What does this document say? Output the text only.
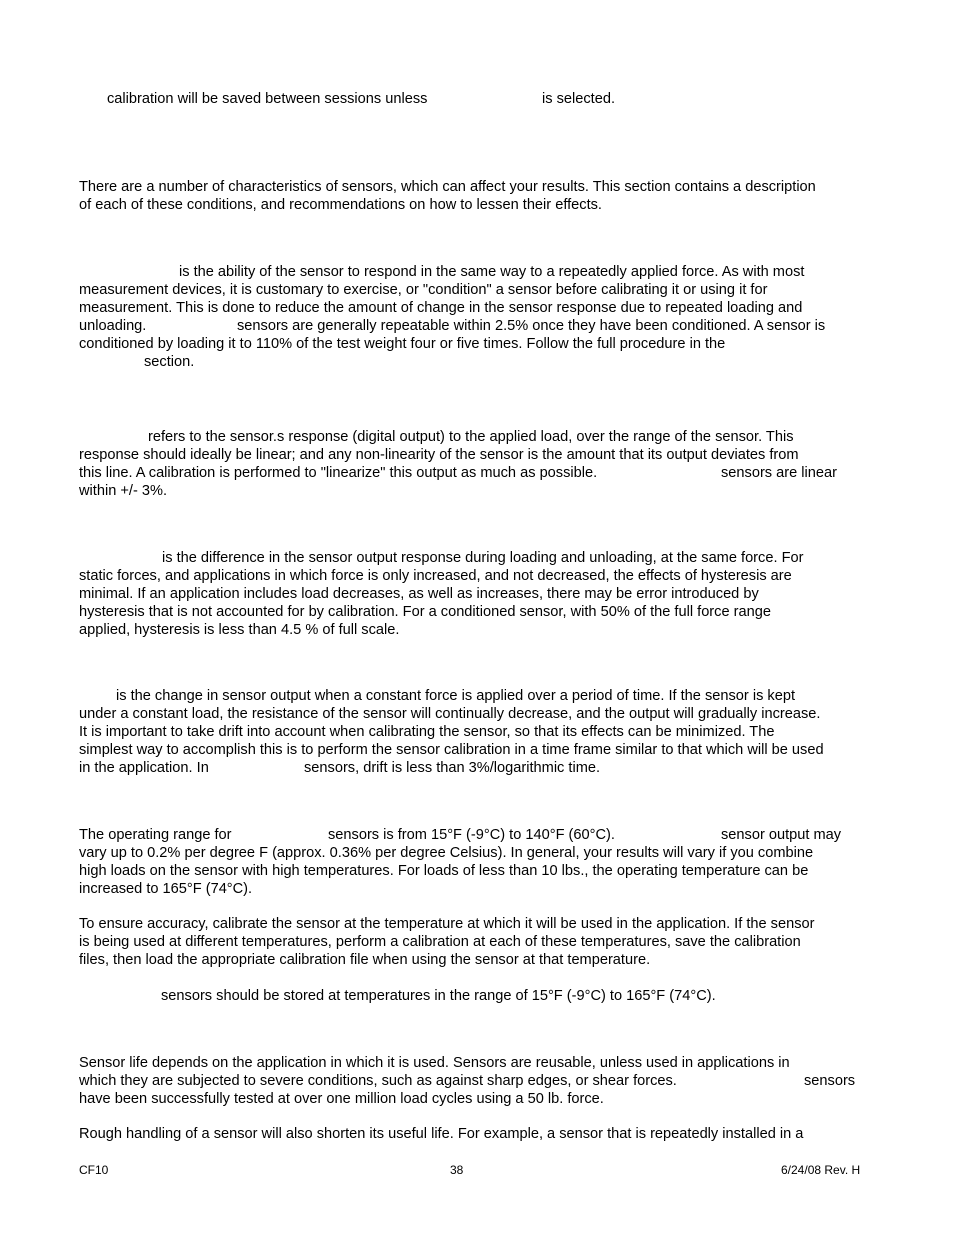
calibration will be saved between sessions unless	is selected.

There are a number of characteristics of sensors, which can affect your results. This section contains a description

of each of these conditions, and recommendations on how to lessen their effects.

is the ability of the sensor to respond in the same way to a repeatedly applied force. As with most

measurement devices, it is customary to exercise, or "condition" a sensor before calibrating it or using it for

measurement. This is done to reduce the amount of change in the sensor response due to repeated loading and

unloading.	sensors are generally repeatable within 2.5% once they have been conditioned. A sensor is

conditioned by loading it to 110% of the test weight four or five times. Follow the full procedure in the

section.

refers to the sensor.s response (digital output) to the applied load, over the range of the sensor. This

response should ideally be linear; and any non-linearity of the sensor is the amount that its output deviates from

this line. A calibration is performed to "linearize" this output as much as possible.	sensors are linear

within +/- 3%.

is the difference in the sensor output response during loading and unloading, at the same force. For

static forces, and applications in which force is only increased, and not decreased, the effects of hysteresis are

minimal. If an application includes load decreases, as well as increases, there may be error introduced by

hysteresis that is not accounted for by calibration. For a conditioned sensor, with 50% of the full force range

applied, hysteresis is less than 4.5 % of full scale.

is the change in sensor output when a constant force is applied over a period of time. If the sensor is kept

under a constant load, the resistance of the sensor will continually decrease, and the output will gradually increase.

It is important to take drift into account when calibrating the sensor, so that its effects can be minimized. The

simplest way to accomplish this is to perform the sensor calibration in a time frame similar to that which will be used

in the application. In	sensors, drift is less than 3%/logarithmic time.

The operating range for	sensors is from 15°F (-9°C) to 140°F (60°C).	sensor output may

vary up to 0.2% per degree F (approx. 0.36% per degree Celsius). In general, your results will vary if you combine

high loads on the sensor with high temperatures. For loads of less than 10 lbs., the operating temperature can be

increased to 165°F (74°C).

To ensure accuracy, calibrate the sensor at the temperature at which it will be used in the application. If the sensor

is being used at different temperatures, perform a calibration at each of these temperatures, save the calibration

files, then load the appropriate calibration file when using the sensor at that temperature.

sensors should be stored at temperatures in the range of 15°F (-9°C) to 165°F (74°C).

Sensor life depends on the application in which it is used. Sensors are reusable, unless used in applications in

which they are subjected to severe conditions, such as against sharp edges, or shear forces.	sensors

have been successfully tested at over one million load cycles using a 50 lb. force.

Rough handling of a sensor will also shorten its useful life. For example, a sensor that is repeatedly installed in a

CF10	38	6/24/08 Rev. H
